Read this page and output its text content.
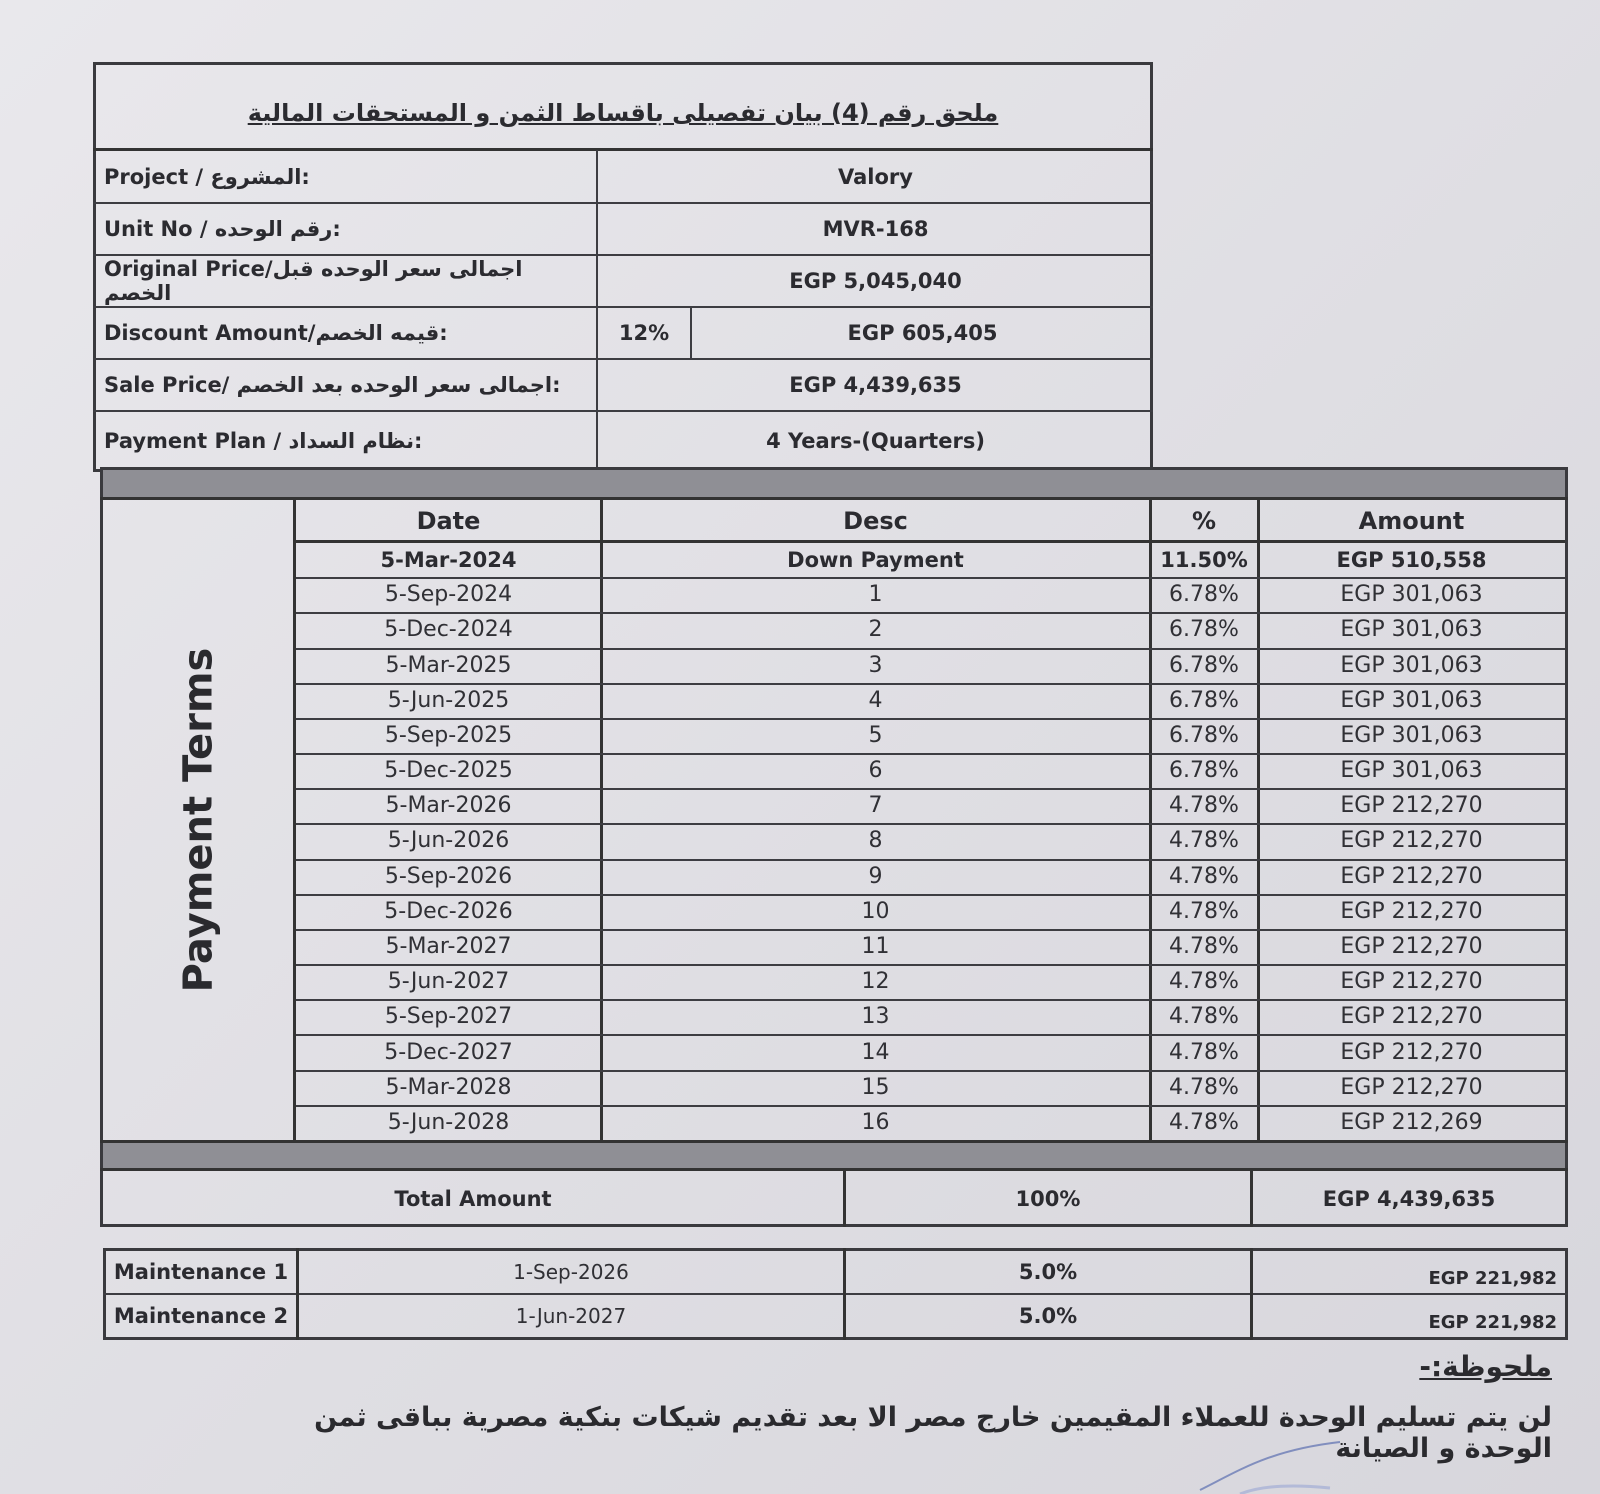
ملحق رقم (4) بيان تفصيلى باقساط الثمن و المستحقات المالية
Project / المشروع:	Valory
Unit No / رقم الوحده:	MVR-168
Original Price/اجمالى سعر الوحده قبل الخصم	EGP 5,045,040
Discount Amount/قيمه الخصم:	12%	EGP 605,405
Sale Price/ اجمالى سعر الوحده بعد الخصم:	EGP 4,439,635
Payment Plan / نظام السداد:	4 Years-(Quarters)
Payment Terms
Date	Desc	%	Amount
5-Mar-2024	Down Payment	11.50%	EGP 510,558
5-Sep-2024	1	6.78%	EGP 301,063
5-Dec-2024	2	6.78%	EGP 301,063
5-Mar-2025	3	6.78%	EGP 301,063
5-Jun-2025	4	6.78%	EGP 301,063
5-Sep-2025	5	6.78%	EGP 301,063
5-Dec-2025	6	6.78%	EGP 301,063
5-Mar-2026	7	4.78%	EGP 212,270
5-Jun-2026	8	4.78%	EGP 212,270
5-Sep-2026	9	4.78%	EGP 212,270
5-Dec-2026	10	4.78%	EGP 212,270
5-Mar-2027	11	4.78%	EGP 212,270
5-Jun-2027	12	4.78%	EGP 212,270
5-Sep-2027	13	4.78%	EGP 212,270
5-Dec-2027	14	4.78%	EGP 212,270
5-Mar-2028	15	4.78%	EGP 212,270
5-Jun-2028	16	4.78%	EGP 212,269
Total Amount	100%	EGP 4,439,635
Maintenance 1	1-Sep-2026	5.0%	EGP 221,982
Maintenance 2	1-Jun-2027	5.0%	EGP 221,982
ملحوظة:-
لن يتم تسليم الوحدة للعملاء المقيمين خارج مصر الا بعد تقديم شيكات بنكية مصرية بباقى ثمن الوحدة و الصيانة
